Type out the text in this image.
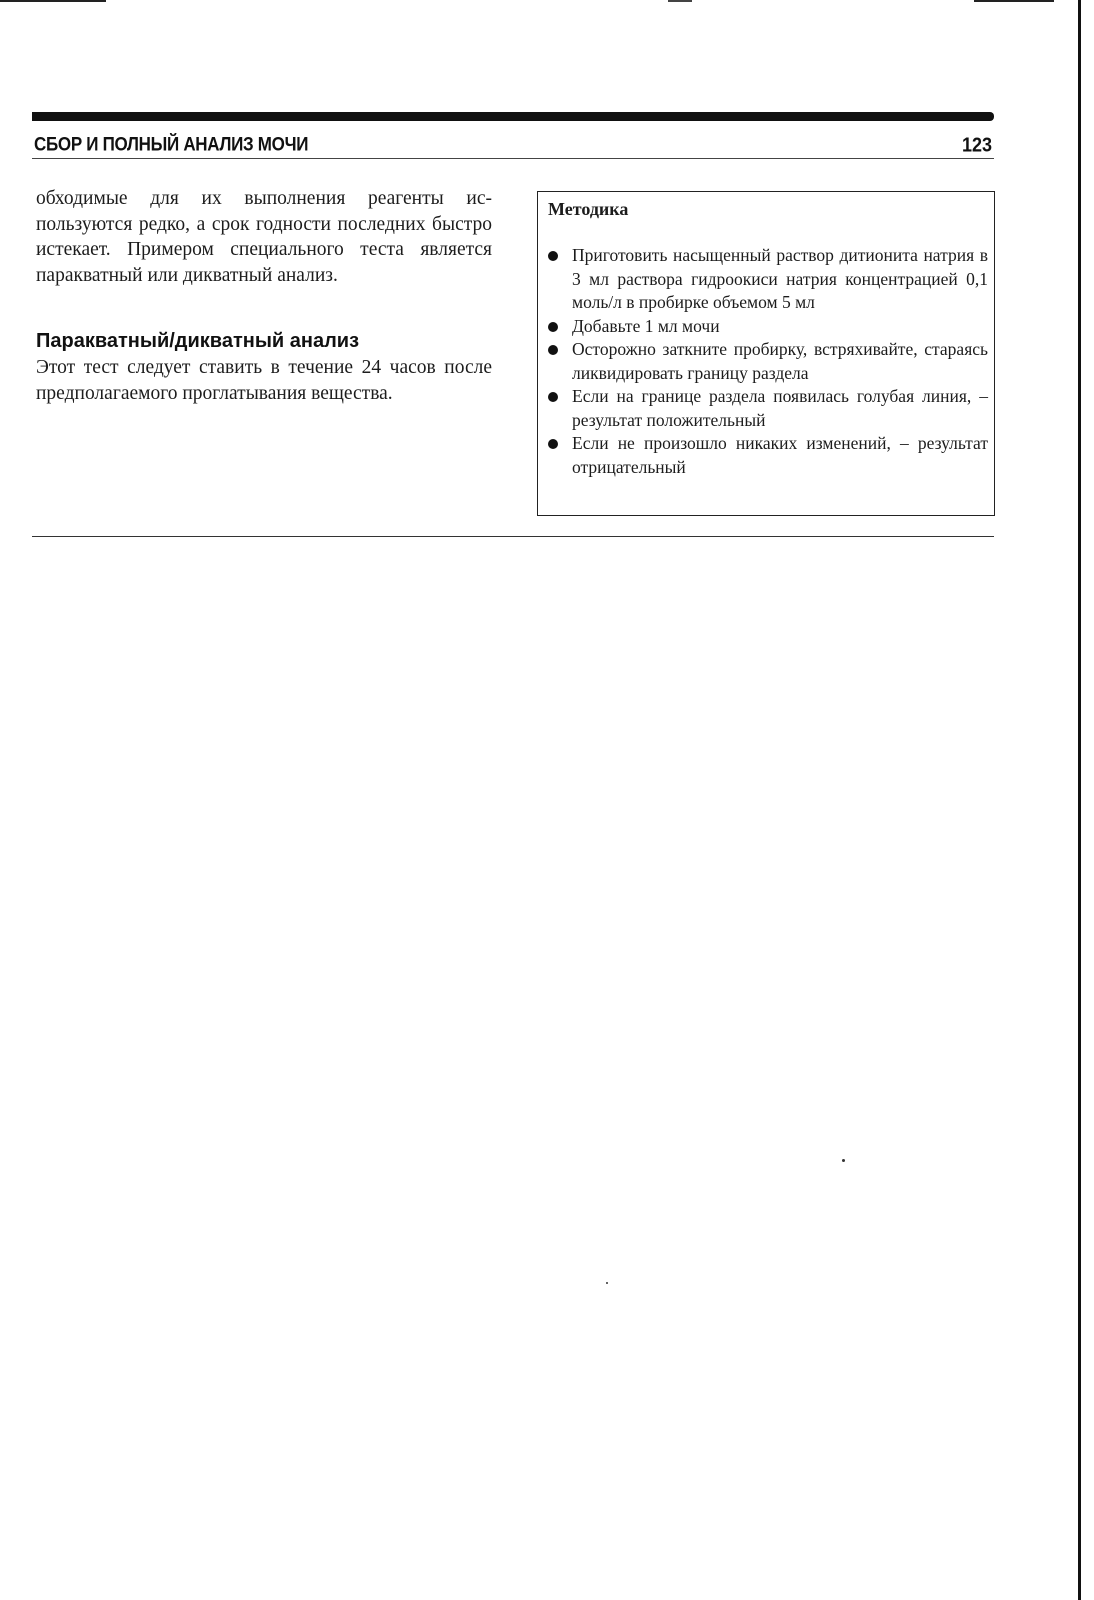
СБОР И ПОЛНЫЙ АНАЛИЗ МОЧИ	123

обходимые для их выполнения реагенты используются редко, а срок годности последних быстро истекает. Примером специального теста является паракватный или дикватный анализ.

Паракватный/дикватный анализ

Этот тест следует ставить в течение 24 часов после предполагаемого проглатывания вещества.

Методика
Приготовить насыщенный раствор дитионита натрия в 3 мл раствора гидроокиси натрия концентрацией 0,1 моль/л в пробирке объемом 5 мл
Добавьте 1 мл мочи
Осторожно заткните пробирку, встряхивайте, стараясь ликвидировать границу раздела
Если на границе раздела появилась голубая линия, – результат положительный
Если не произошло никаких изменений, – результат отрицательный
